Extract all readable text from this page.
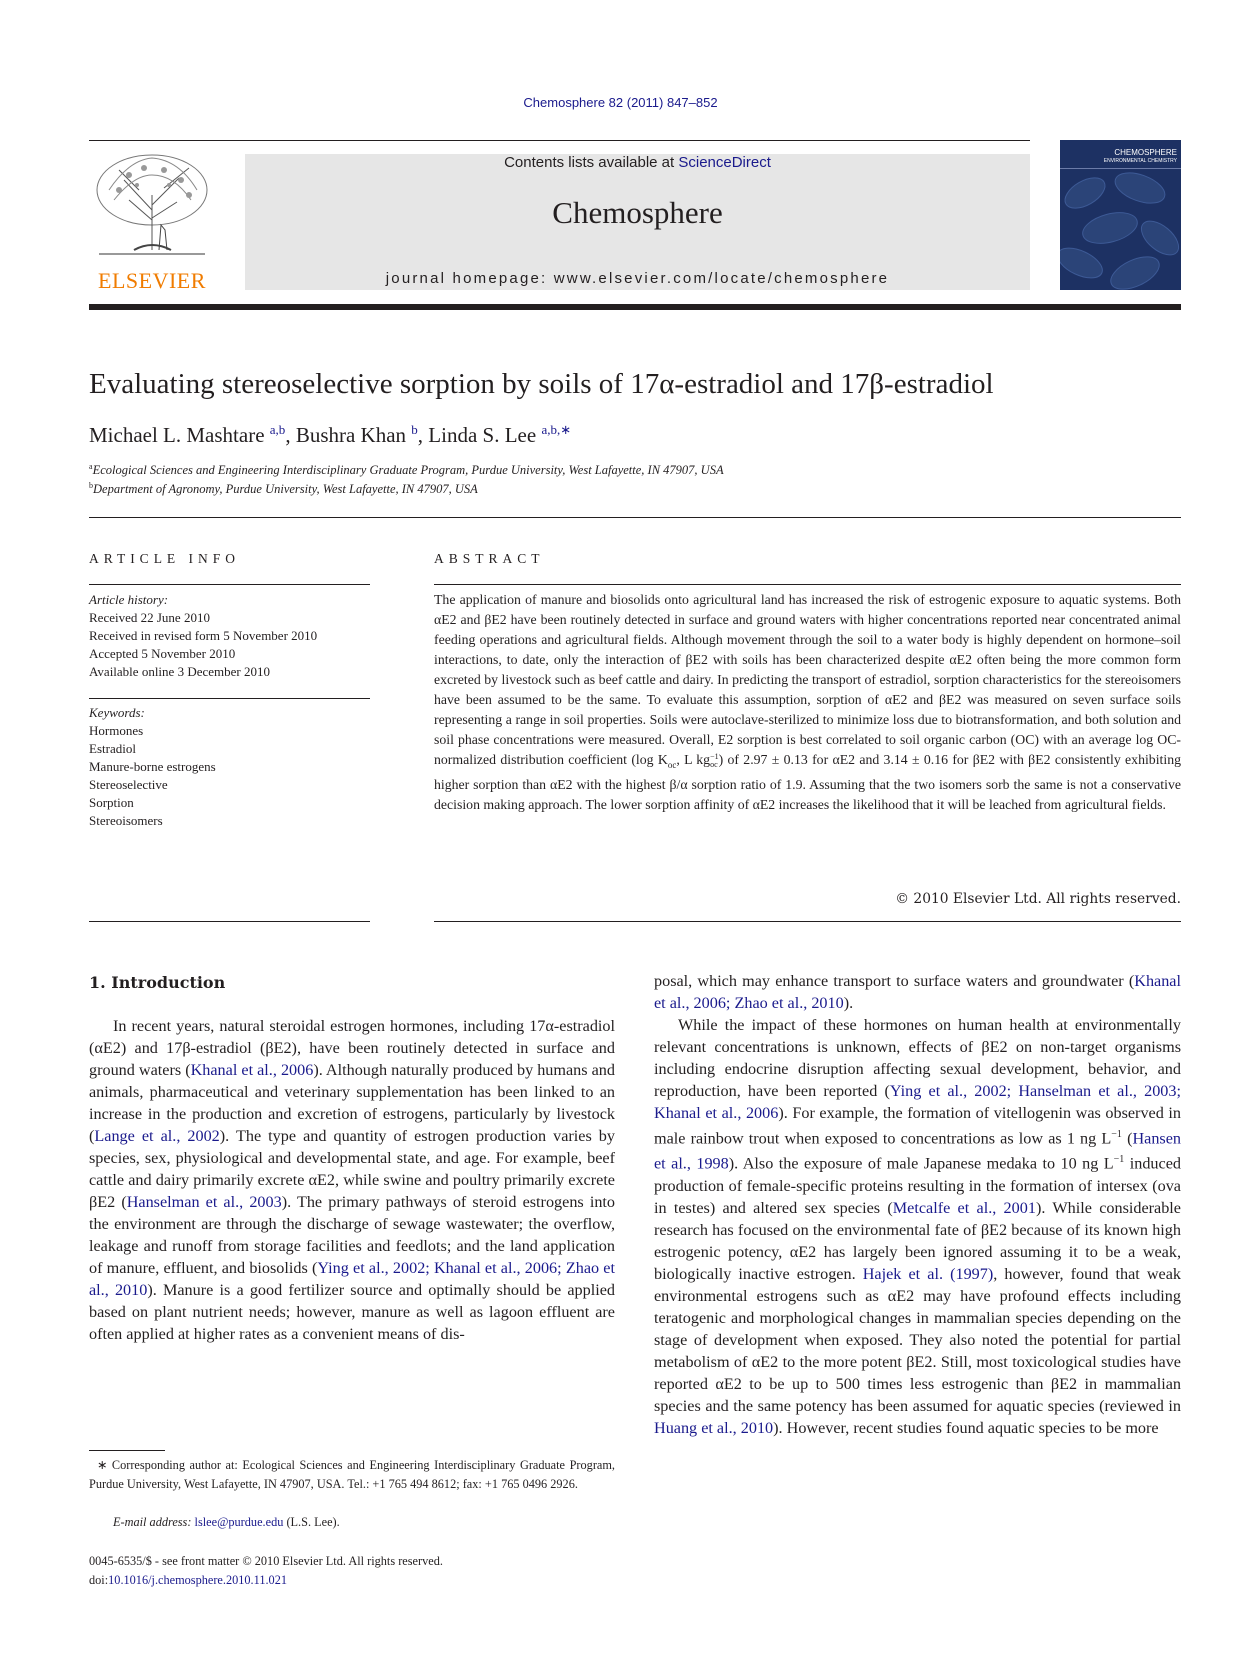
Chemosphere 82 (2011) 847–852
ELSEVIER
Contents lists available at ScienceDirect
Chemosphere
journal homepage: www.elsevier.com/locate/chemosphere
CHEMOSPHERE
ENVIRONMENTAL CHEMISTRY
Evaluating stereoselective sorption by soils of 17α-estradiol and 17β-estradiol
Michael L. Mashtare $^{a,b}$, Bushra Khan $^b$, Linda S. Lee $^{a,b,∗}$
$^a$Ecological Sciences and Engineering Interdisciplinary Graduate Program, Purdue University, West Lafayette, IN 47907, USA
$^b$Department of Agronomy, Purdue University, West Lafayette, IN 47907, USA
ARTICLE INFO
Article history:
Received 22 June 2010
Received in revised form 5 November 2010
Accepted 5 November 2010
Available online 3 December 2010
Keywords:
Hormones
Estradiol
Manure-borne estrogens
Stereoselective
Sorption
Stereoisomers
ABSTRACT
The application of manure and biosolids onto agricultural land has increased the risk of estrogenic exposure to aquatic systems. Both αE2 and βE2 have been routinely detected in surface and ground waters with higher concentrations reported near concentrated animal feeding operations and agricultural fields. Although movement through the soil to a water body is highly dependent on hormone–soil interactions, to date, only the interaction of βE2 with soils has been characterized despite αE2 often being the more common form excreted by livestock such as beef cattle and dairy. In predicting the transport of estradiol, sorption characteristics for the stereoisomers have been assumed to be the same. To evaluate this assumption, sorption of αE2 and βE2 was measured on seven surface soils representing a range in soil properties. Soils were autoclave-sterilized to minimize loss due to biotransformation, and both solution and soil phase concentrations were measured. Overall, E2 sorption is best correlated to soil organic carbon (OC) with an average log OC-normalized distribution coefficient (log $K_{oc}$, L kg −1
oc ) of 2.97 ± 0.13 for αE2 and 3.14 ± 0.16 for βE2 with βE2 consistently exhibiting higher sorption than αE2 with the highest β/α sorption ratio of 1.9. Assuming that the two isomers sorb the same is not a conservative decision making approach. The lower sorption affinity of αE2 increases the likelihood that it will be leached from agricultural fields.
© 2010 Elsevier Ltd. All rights reserved.
1. Introduction

In recent years, natural steroidal estrogen hormones, including 17α-estradiol (αE2) and 17β-estradiol (βE2), have been routinely detected in surface and ground waters (Khanal et al., 2006). Although naturally produced by humans and animals, pharmaceutical and veterinary supplementation has been linked to an increase in the production and excretion of estrogens, particularly by livestock (Lange et al., 2002). The type and quantity of estrogen production varies by species, sex, physiological and developmental state, and age. For example, beef cattle and dairy primarily excrete αE2, while swine and poultry primarily excrete βE2 (Hanselman et al., 2003). The primary pathways of steroid estrogens into the environment are through the discharge of sewage wastewater; the overflow, leakage and runoff from storage facilities and feedlots; and the land application of manure, effluent, and biosolids (Ying et al., 2002; Khanal et al., 2006; Zhao et al., 2010). Manure is a good fertilizer source and optimally should be applied based on plant nutrient needs; however, manure as well as lagoon effluent are often applied at higher rates as a convenient means of dis-

posal, which may enhance transport to surface waters and groundwater (Khanal et al., 2006; Zhao et al., 2010).

While the impact of these hormones on human health at environmentally relevant concentrations is unknown, effects of βE2 on non-target organisms including endocrine disruption affecting sexual development, behavior, and reproduction, have been reported (Ying et al., 2002; Hanselman et al., 2003; Khanal et al., 2006). For example, the formation of vitellogenin was observed in male rainbow trout when exposed to concentrations as low as 1 ng $L^{-1}$ (Hansen et al., 1998). Also the exposure of male Japanese medaka to 10 ng $L^{-1}$ induced production of female-specific proteins resulting in the formation of intersex (ova in testes) and altered sex species (Metcalfe et al., 2001). While considerable research has focused on the environmental fate of βE2 because of its known high estrogenic potency, αE2 has largely been ignored assuming it to be a weak, biologically inactive estrogen. Hajek et al. (1997), however, found that weak environmental estrogens such as αE2 may have profound effects including teratogenic and morphological changes in mammalian species depending on the stage of development when exposed. They also noted the potential for partial metabolism of αE2 to the more potent βE2. Still, most toxicological studies have reported αE2 to be up to 500 times less estrogenic than βE2 in mammalian species and the same potency has been assumed for aquatic species (reviewed in Huang et al., 2010). However, recent studies found aquatic species to be more

∗ Corresponding author at: Ecological Sciences and Engineering Interdisciplinary Graduate Program, Purdue University, West Lafayette, IN 47907, USA. Tel.: +1 765 494 8612; fax: +1 765 0496 2926.
E-mail address: lslee@purdue.edu (L.S. Lee).
0045-6535/$ - see front matter © 2010 Elsevier Ltd. All rights reserved.
doi:10.1016/j.chemosphere.2010.11.021
